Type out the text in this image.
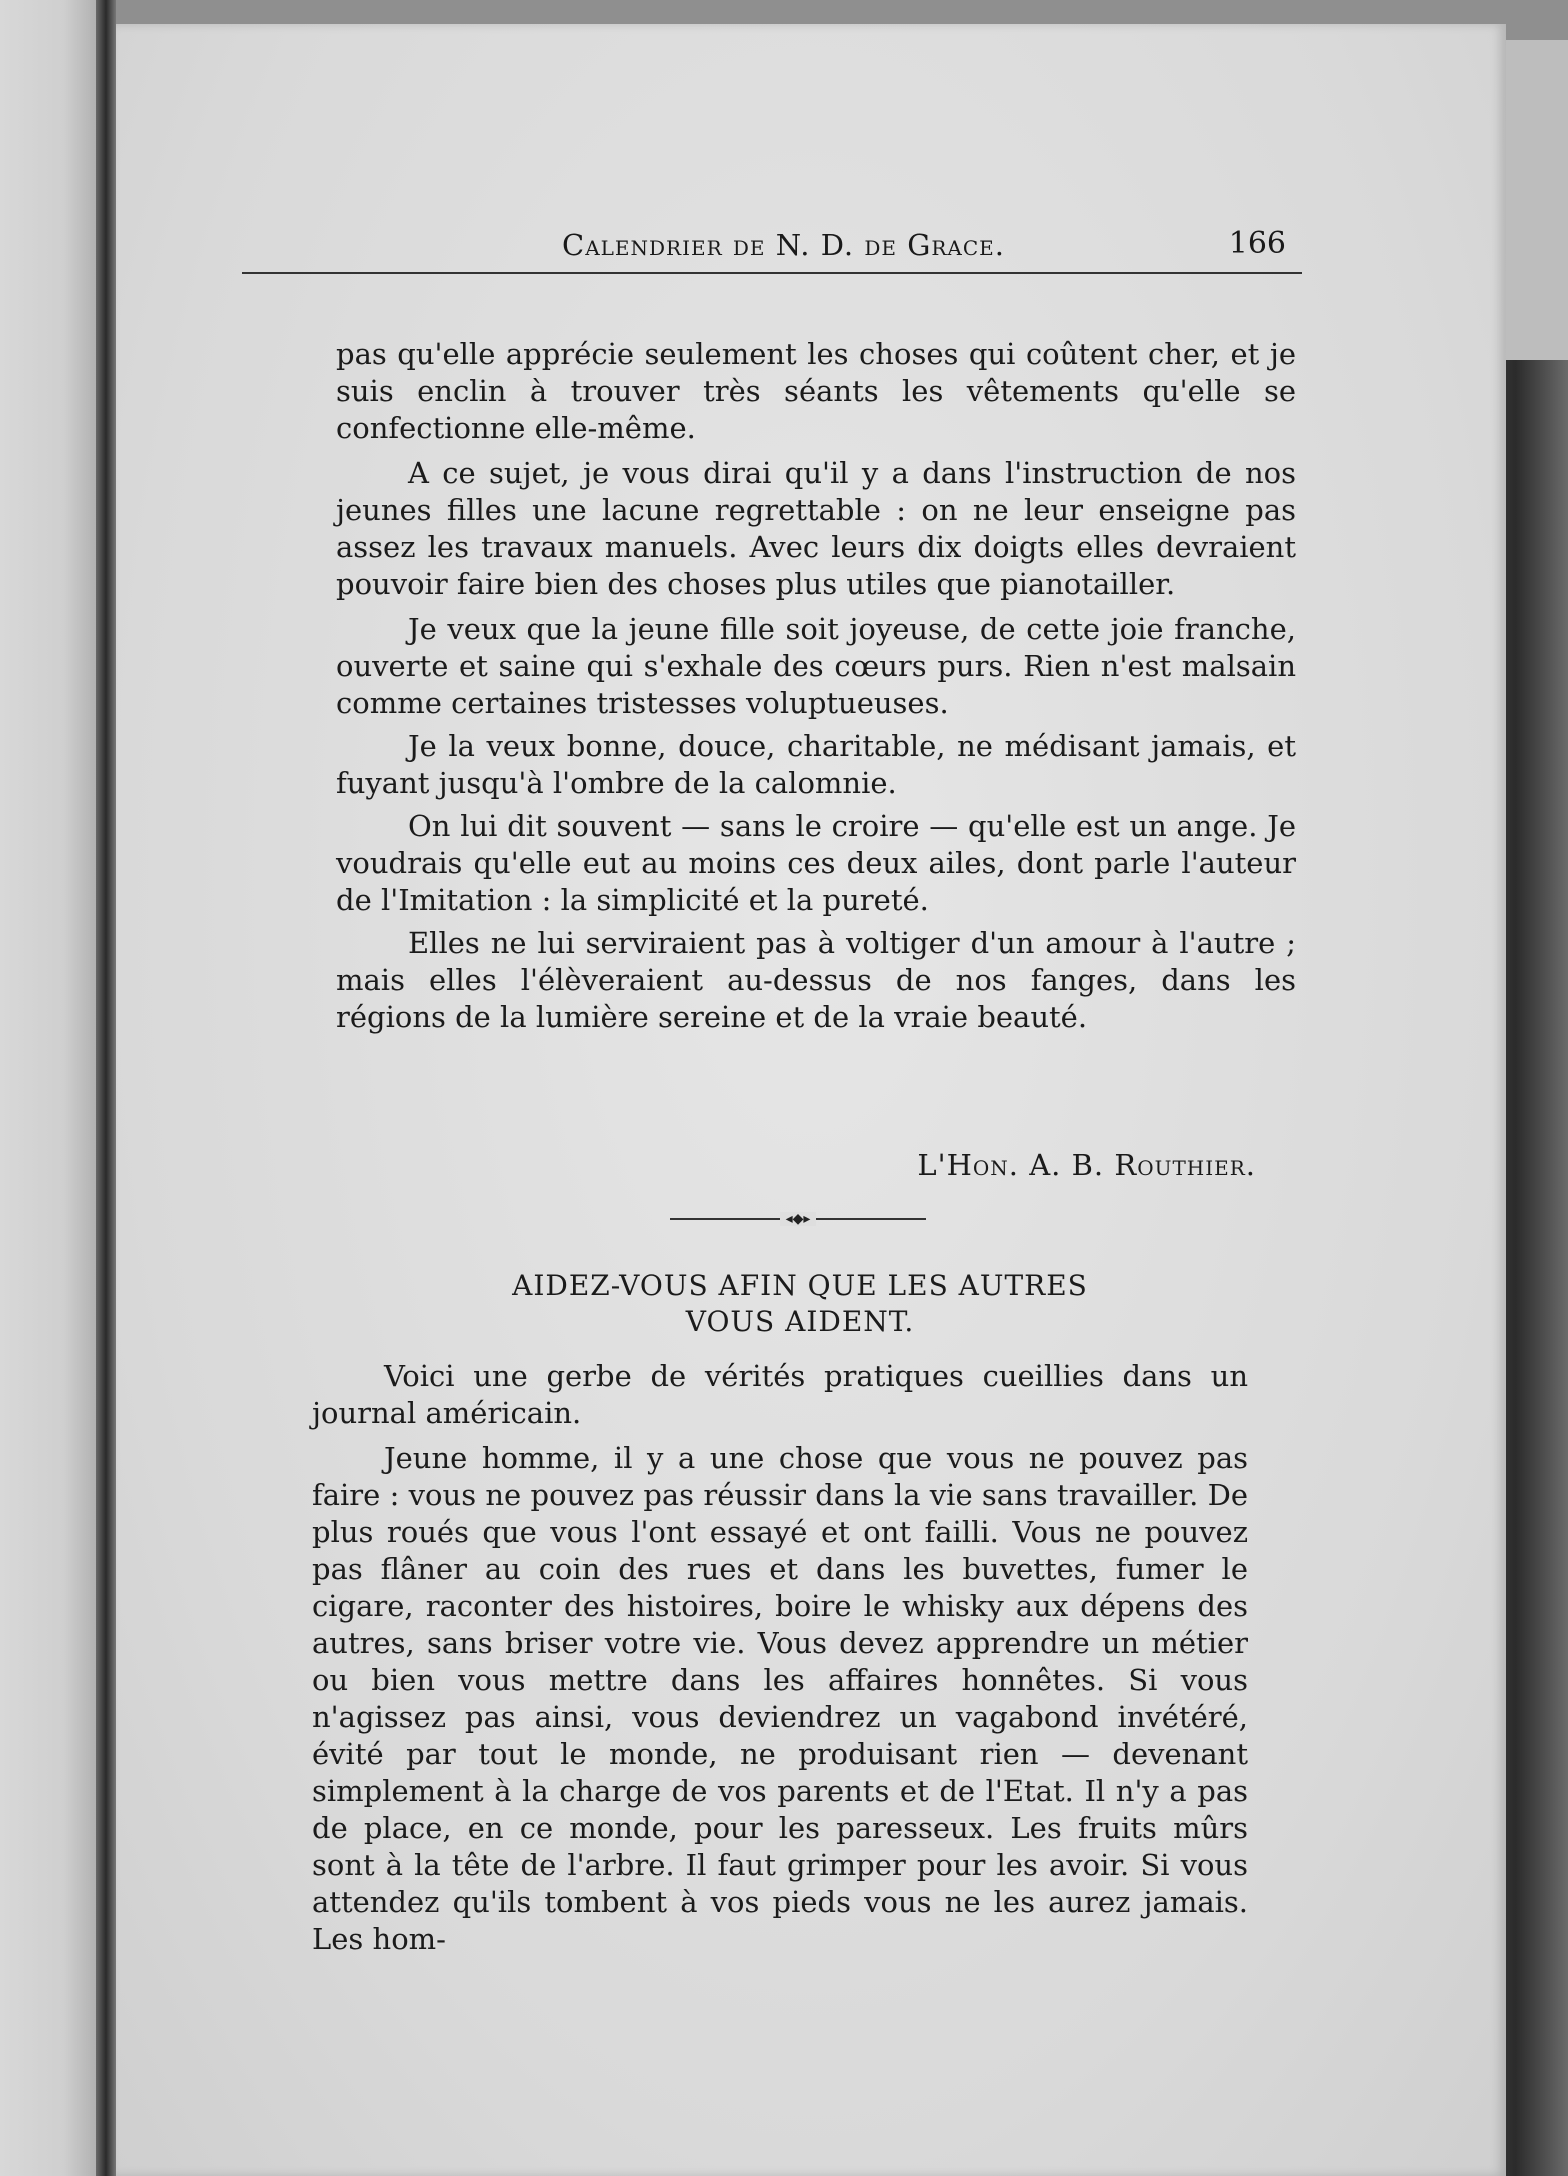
Calendrier de N. D. de Grace.	166

pas qu'elle apprécie seulement les choses qui coûtent cher, et je suis enclin à trouver très séants les vêtements qu'elle se confectionne elle-même.

A ce sujet, je vous dirai qu'il y a dans l'instruction de nos jeunes filles une lacune regrettable : on ne leur enseigne pas assez les travaux manuels. Avec leurs dix doigts elles devraient pouvoir faire bien des choses plus utiles que pianotailler.

Je veux que la jeune fille soit joyeuse, de cette joie franche, ouverte et saine qui s'exhale des cœurs purs. Rien n'est malsain comme certaines tristesses voluptueuses.

Je la veux bonne, douce, charitable, ne médisant jamais, et fuyant jusqu'à l'ombre de la calomnie.

On lui dit souvent — sans le croire — qu'elle est un ange. Je voudrais qu'elle eut au moins ces deux ailes, dont parle l'auteur de l'Imitation : la simplicité et la pureté.

Elles ne lui serviraient pas à voltiger d'un amour à l'autre ; mais elles l'élèveraient au-dessus de nos fanges, dans les régions de la lumière sereine et de la vraie beauté.

L'Hon. A. B. Routhier.
◂◆▸
AIDEZ-VOUS AFIN QUE LES AUTRES
VOUS AIDENT.

Voici une gerbe de vérités pratiques cueillies dans un journal américain.

Jeune homme, il y a une chose que vous ne pouvez pas faire : vous ne pouvez pas réussir dans la vie sans travailler. De plus roués que vous l'ont essayé et ont failli. Vous ne pouvez pas flâner au coin des rues et dans les buvettes, fumer le cigare, raconter des histoires, boire le whisky aux dépens des autres, sans briser votre vie. Vous devez apprendre un métier ou bien vous mettre dans les affaires honnêtes. Si vous n'agissez pas ainsi, vous deviendrez un vagabond invétéré, évité par tout le monde, ne produisant rien — devenant simplement à la charge de vos parents et de l'Etat. Il n'y a pas de place, en ce monde, pour les paresseux. Les fruits mûrs sont à la tête de l'arbre. Il faut grimper pour les avoir. Si vous attendez qu'ils tombent à vos pieds vous ne les aurez jamais. Les hom-
